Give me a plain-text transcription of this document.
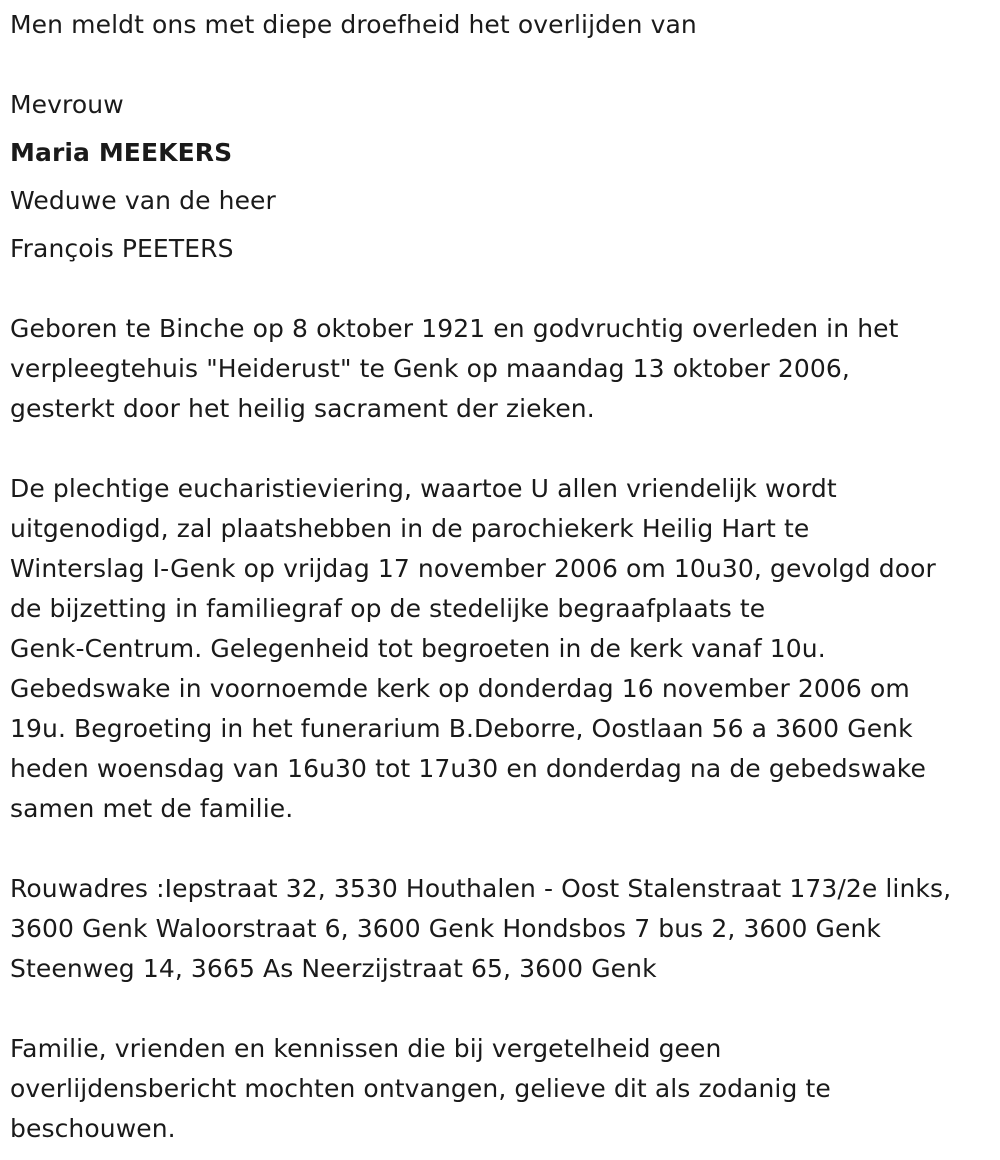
Men meldt ons met diepe droefheid het overlijden van
Mevrouw
Maria MEEKERS
Weduwe van de heer
François PEETERS
Geboren te Binche op 8 oktober 1921 en godvruchtig overleden in het
verpleegtehuis "Heiderust" te Genk op maandag 13 oktober 2006,
gesterkt door het heilig sacrament der zieken.
De plechtige eucharistieviering, waartoe U allen vriendelijk wordt
uitgenodigd, zal plaatshebben in de parochiekerk Heilig Hart te
Winterslag I-Genk op vrijdag 17 november 2006 om 10u30, gevolgd door
de bijzetting in familiegraf op de stedelijke begraafplaats te
Genk-Centrum. Gelegenheid tot begroeten in de kerk vanaf 10u.
Gebedswake in voornoemde kerk op donderdag 16 november 2006 om
19u. Begroeting in het funerarium B.Deborre, Oostlaan 56 a 3600 Genk
heden woensdag van 16u30 tot 17u30 en donderdag na de gebedswake
samen met de familie.
Rouwadres :Iepstraat 32, 3530 Houthalen - Oost Stalenstraat 173/2e links,
3600 Genk Waloorstraat 6, 3600 Genk Hondsbos 7 bus 2, 3600 Genk
Steenweg 14, 3665 As Neerzijstraat 65, 3600 Genk
Familie, vrienden en kennissen die bij vergetelheid geen
overlijdensbericht mochten ontvangen, gelieve dit als zodanig te
beschouwen.
